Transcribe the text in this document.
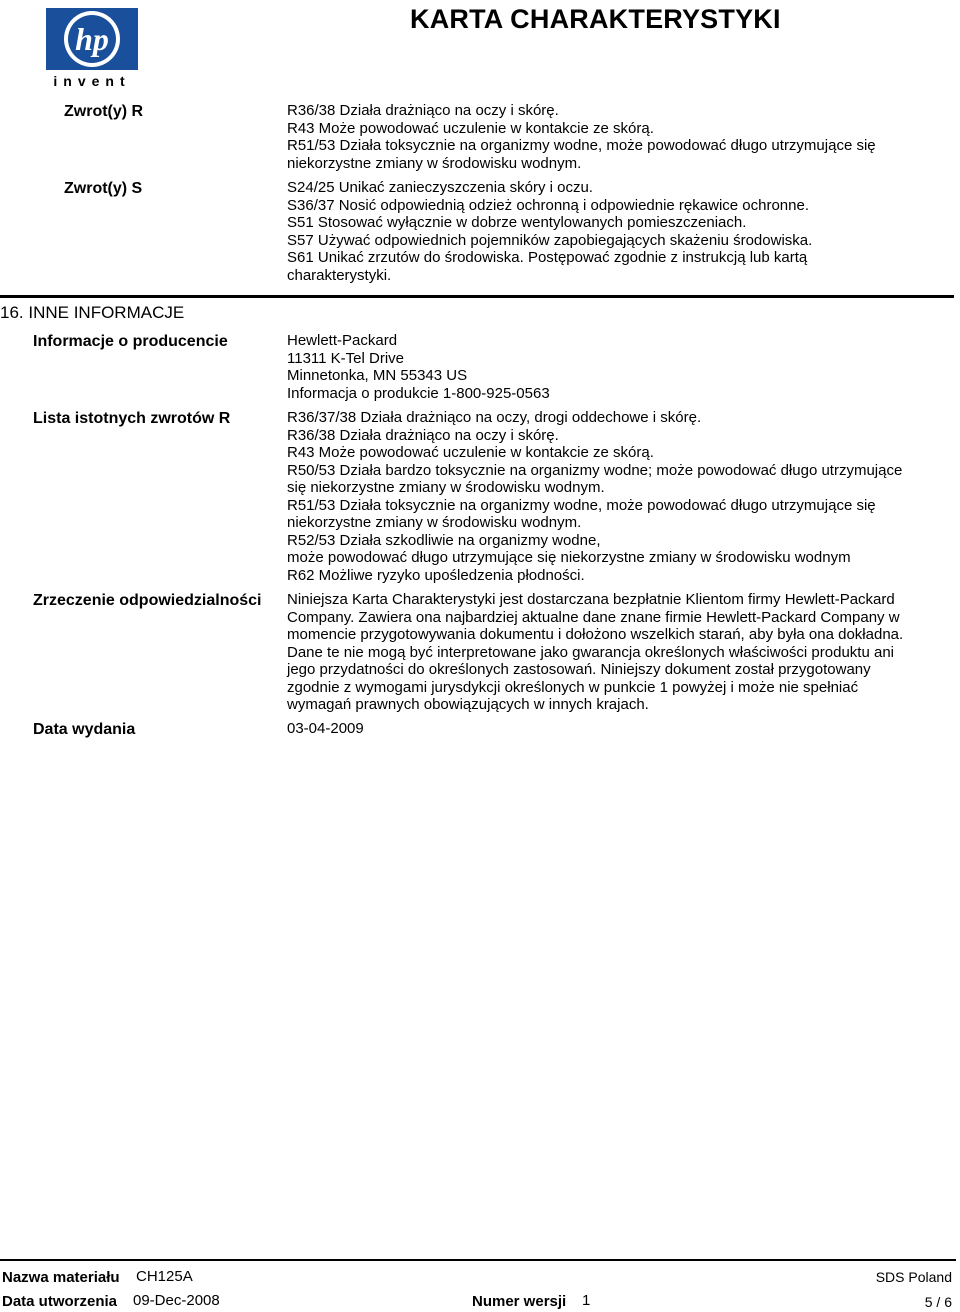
hp
invent
KARTA CHARAKTERYSTYKI
Zwrot(y) R	R36/38 Działa drażniąco na oczy i skórę.
R43 Może powodować uczulenie w kontakcie ze skórą.
R51/53 Działa toksycznie na organizmy wodne, może powodować długo utrzymujące się
niekorzystne zmiany w środowisku wodnym.
Zwrot(y) S	S24/25 Unikać zanieczyszczenia skóry i oczu.
S36/37 Nosić odpowiednią odzież ochronną i odpowiednie rękawice ochronne.
S51 Stosować wyłącznie w dobrze wentylowanych pomieszczeniach.
S57 Używać odpowiednich pojemników zapobiegających skażeniu środowiska.
S61 Unikać zrzutów do środowiska. Postępować zgodnie z instrukcją lub kartą
charakterystyki.
16. INNE INFORMACJE
Informacje o producencie	Hewlett-Packard
11311 K-Tel Drive
Minnetonka, MN 55343 US
Informacja o produkcie 1-800-925-0563
Lista istotnych zwrotów R	R36/37/38 Działa drażniąco na oczy, drogi oddechowe i skórę.
R36/38 Działa drażniąco na oczy i skórę.
R43 Może powodować uczulenie w kontakcie ze skórą.
R50/53 Działa bardzo toksycznie na organizmy wodne; może powodować długo utrzymujące
się niekorzystne zmiany w środowisku wodnym.
R51/53 Działa toksycznie na organizmy wodne, może powodować długo utrzymujące się
niekorzystne zmiany w środowisku wodnym.
R52/53 Działa szkodliwie na organizmy wodne,
może powodować długo utrzymujące się niekorzystne zmiany w środowisku wodnym
R62 Możliwe ryzyko upośledzenia płodności.
Zrzeczenie odpowiedzialności Niniejsza Karta Charakterystyki jest dostarczana bezpłatnie Klientom firmy Hewlett-Packard
Company. Zawiera ona najbardziej aktualne dane znane firmie Hewlett-Packard Company w
momencie przygotowywania dokumentu i dołożono wszelkich starań, aby była ona dokładna.
Dane te nie mogą być interpretowane jako gwarancja określonych właściwości produktu ani
jego przydatności do określonych zastosowań. Niniejszy dokument został przygotowany
zgodnie z wymogami jurysdykcji określonych w punkcie 1 powyżej i może nie spełniać
wymagań prawnych obowiązujących w innych krajach.
Data wydania	03-04-2009
Nazwa materiału CH125A
Data utworzenia 09-Dec-2008	Numer wersji 1
SDS Poland
5 / 6
